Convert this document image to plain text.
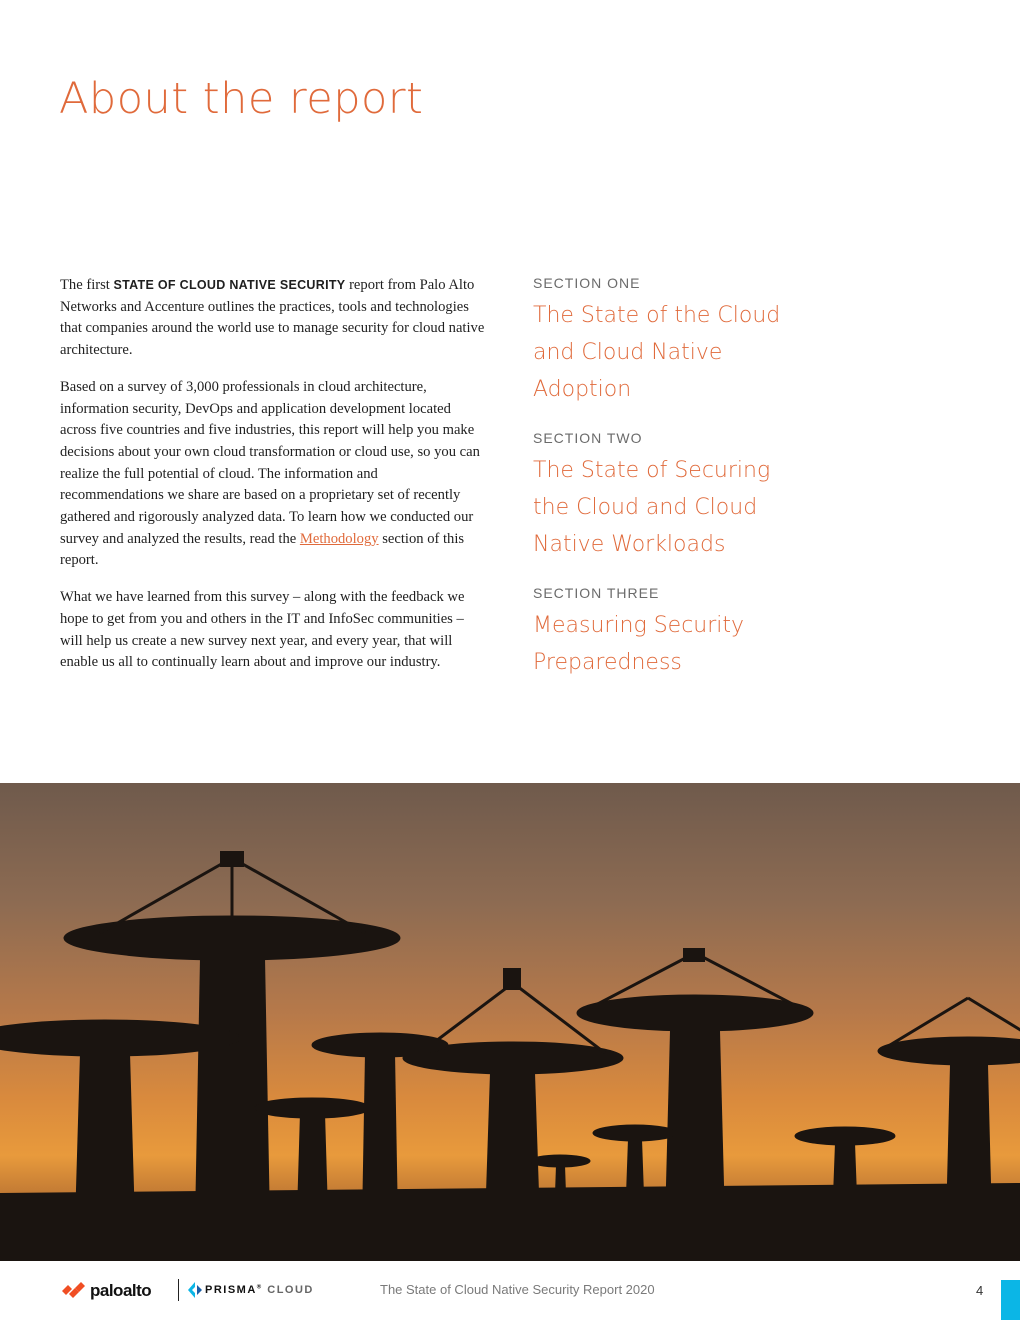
About the report

The first STATE OF CLOUD NATIVE SECURITY report from Palo Alto Networks and Accenture outlines the practices, tools and technologies that companies around the world use to manage security for cloud native architecture.

Based on a survey of 3,000 professionals in cloud architecture, information security, DevOps and application development located across five countries and five industries, this report will help you make decisions about your own cloud transformation or cloud use, so you can realize the full potential of cloud. The information and recommendations we share are based on a proprietary set of recently gathered and rigorously analyzed data. To learn how we conducted our survey and analyzed the results, read the Methodology section of this report.

What we have learned from this survey – along with the feedback we hope to get from you and others in the IT and InfoSec communities – will help us create a new survey next year, and every year, that will enable us all to continually learn about and improve our industry.

SECTION ONE
The State of the Cloud and Cloud Native Adoption
SECTION TWO
The State of Securing the Cloud and Cloud Native Workloads
SECTION THREE
Measuring Security Preparedness
paloalto	PRISMA® CLOUD	The State of Cloud Native Security Report 2020	4
